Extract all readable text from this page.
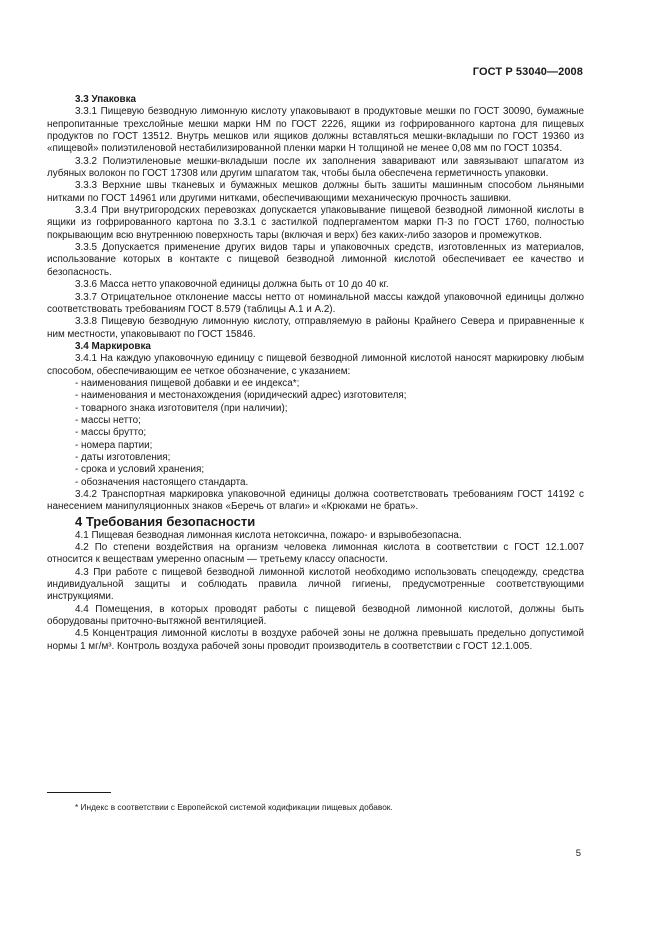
ГОСТ Р 53040—2008

3.3 Упаковка

3.3.1 Пищевую безводную лимонную кислоту упаковывают в продуктовые мешки по ГОСТ 30090, бумажные непропитанные трехслойные мешки марки НМ по ГОСТ 2226, ящики из гофрированного картона для пищевых продуктов по ГОСТ 13512. Внутрь мешков или ящиков должны вставляться мешки-вкладыши по ГОСТ 19360 из «пищевой» полиэтиленовой нестабилизированной пленки марки Н толщиной не менее 0,08 мм по ГОСТ 10354.

3.3.2 Полиэтиленовые мешки-вкладыши после их заполнения заваривают или завязывают шпагатом из лубяных волокон по ГОСТ 17308 или другим шпагатом так, чтобы была обеспечена герметичность упаковки.

3.3.3 Верхние швы тканевых и бумажных мешков должны быть зашиты машинным способом льняными нитками по ГОСТ 14961 или другими нитками, обеспечивающими механическую прочность зашивки.

3.3.4 При внутригородских перевозках допускается упаковывание пищевой безводной лимонной кислоты в ящики из гофрированного картона по 3.3.1 с застилкой подпергаментом марки П-3 по ГОСТ 1760, полностью покрывающим всю внутреннюю поверхность тары (включая и верх) без каких-либо зазоров и промежутков.

3.3.5 Допускается применение других видов тары и упаковочных средств, изготовленных из материалов, использование которых в контакте с пищевой безводной лимонной кислотой обеспечивает ее качество и безопасность.

3.3.6 Масса нетто упаковочной единицы должна быть от 10 до 40 кг.

3.3.7 Отрицательное отклонение массы нетто от номинальной массы каждой упаковочной единицы должно соответствовать требованиям ГОСТ 8.579 (таблицы А.1 и А.2).

3.3.8 Пищевую безводную лимонную кислоту, отправляемую в районы Крайнего Севера и приравненные к ним местности, упаковывают по ГОСТ 15846.

3.4 Маркировка

3.4.1 На каждую упаковочную единицу с пищевой безводной лимонной кислотой наносят маркировку любым способом, обеспечивающим ее четкое обозначение, с указанием:

- наименования пищевой добавки и ее индекса*;

- наименования и местонахождения (юридический адрес) изготовителя;

- товарного знака изготовителя (при наличии);

- массы нетто;

- массы брутто;

- номера партии;

- даты изготовления;

- срока и условий хранения;

- обозначения настоящего стандарта.

3.4.2 Транспортная маркировка упаковочной единицы должна соответствовать требованиям ГОСТ 14192 с нанесением манипуляционных знаков «Беречь от влаги» и «Крюками не брать».

4 Требования безопасности

4.1 Пищевая безводная лимонная кислота нетоксична, пожаро- и взрывобезопасна.

4.2 По степени воздействия на организм человека лимонная кислота в соответствии с ГОСТ 12.1.007 относится к веществам умеренно опасным — третьему классу опасности.

4.3 При работе с пищевой безводной лимонной кислотой необходимо использовать спецодежду, средства индивидуальной защиты и соблюдать правила личной гигиены, предусмотренные соответствующими инструкциями.

4.4 Помещения, в которых проводят работы с пищевой безводной лимонной кислотой, должны быть оборудованы приточно-вытяжной вентиляцией.

4.5 Концентрация лимонной кислоты в воздухе рабочей зоны не должна превышать предельно допустимой нормы 1 мг/м³. Контроль воздуха рабочей зоны проводит производитель в соответствии с ГОСТ 12.1.005.

* Индекс в соответствии с Европейской системой кодификации пищевых добавок.
5
